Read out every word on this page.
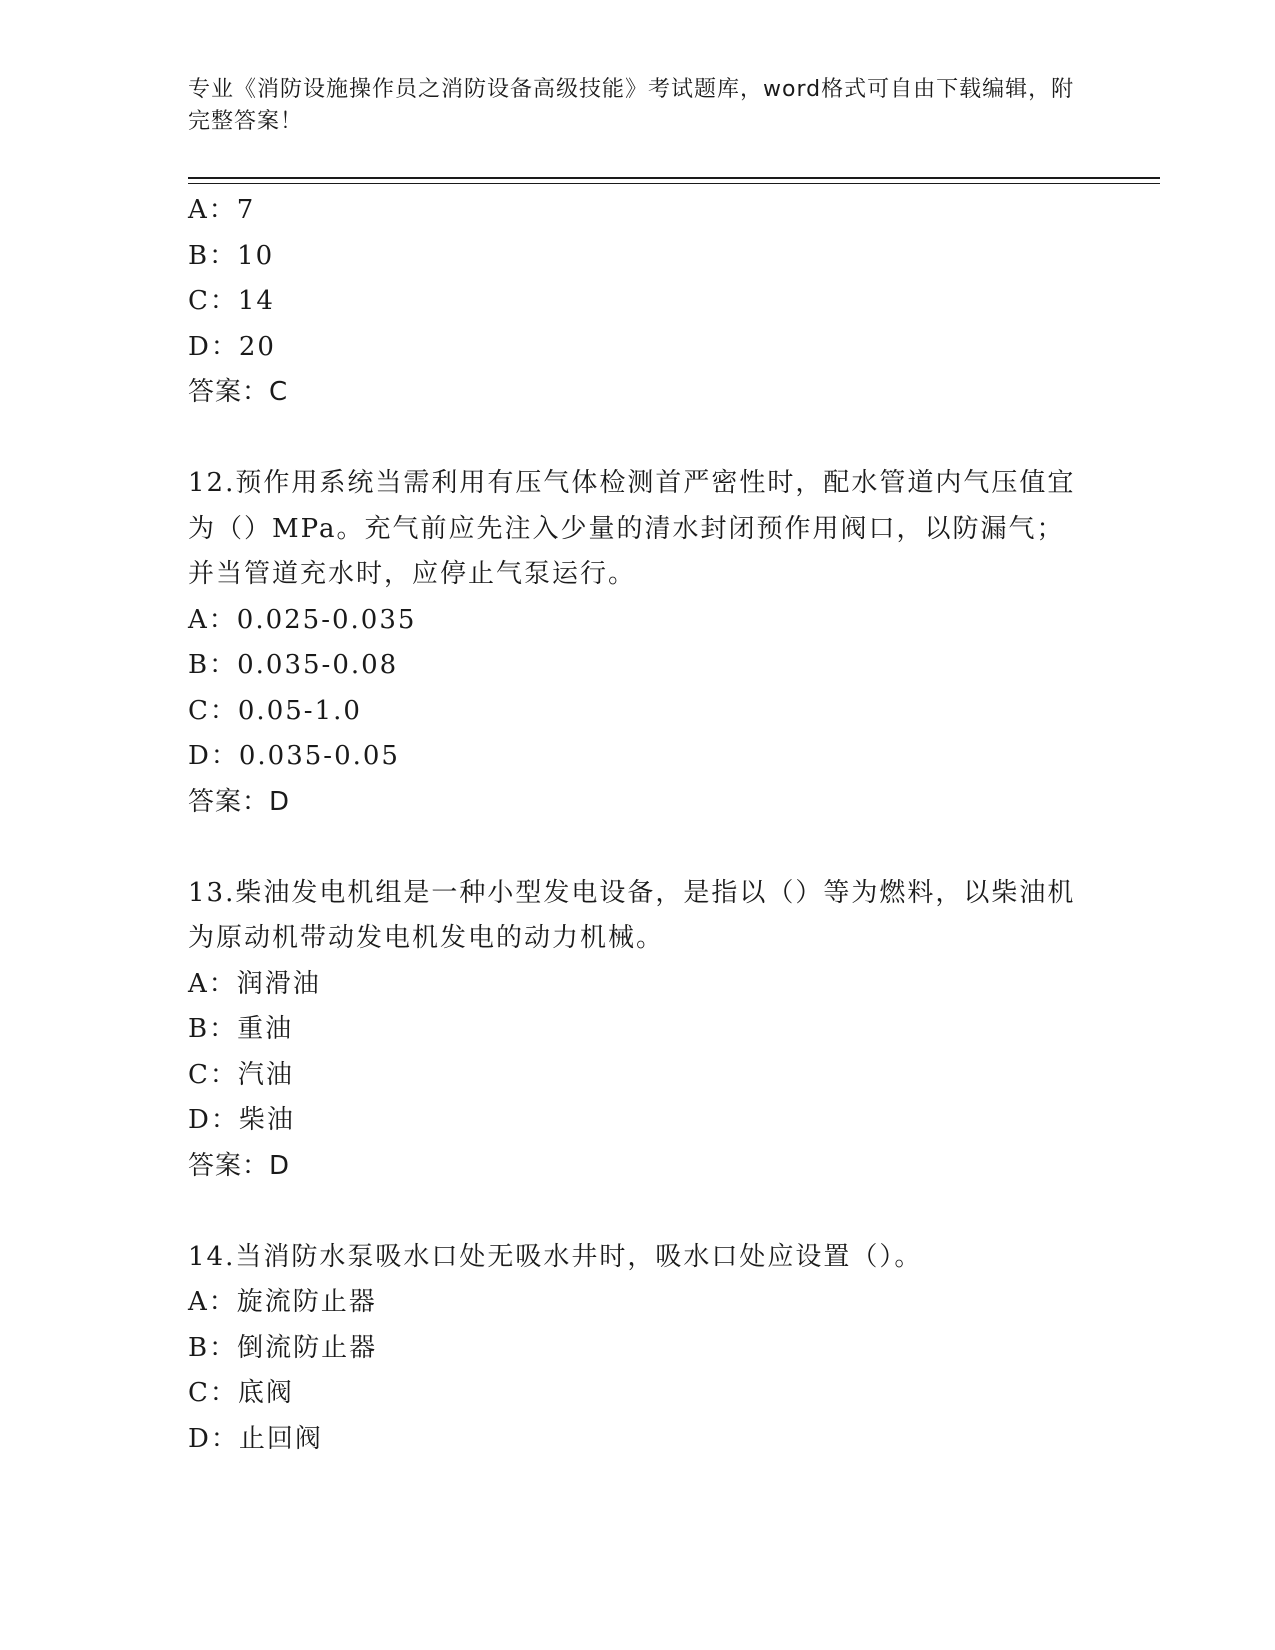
专业《消防设施操作员之消防设备高级技能》考试题库，word格式可自由下载编辑，附完整答案！
A：7
B：10
C：14
D：20
答案：C
12.预作用系统当需利用有压气体检测首严密性时，配水管道内气压值宜为（）MPa。充气前应先注入少量的清水封闭预作用阀口，以防漏气；并当管道充水时，应停止气泵运行。
A：0.025-0.035
B：0.035-0.08
C：0.05-1.0
D：0.035-0.05
答案：D
13.柴油发电机组是一种小型发电设备，是指以（）等为燃料，以柴油机为原动机带动发电机发电的动力机械。
A：润滑油
B：重油
C：汽油
D：柴油
答案：D
14.当消防水泵吸水口处无吸水井时，吸水口处应设置（）。
A：旋流防止器
B：倒流防止器
C：底阀
D：止回阀
